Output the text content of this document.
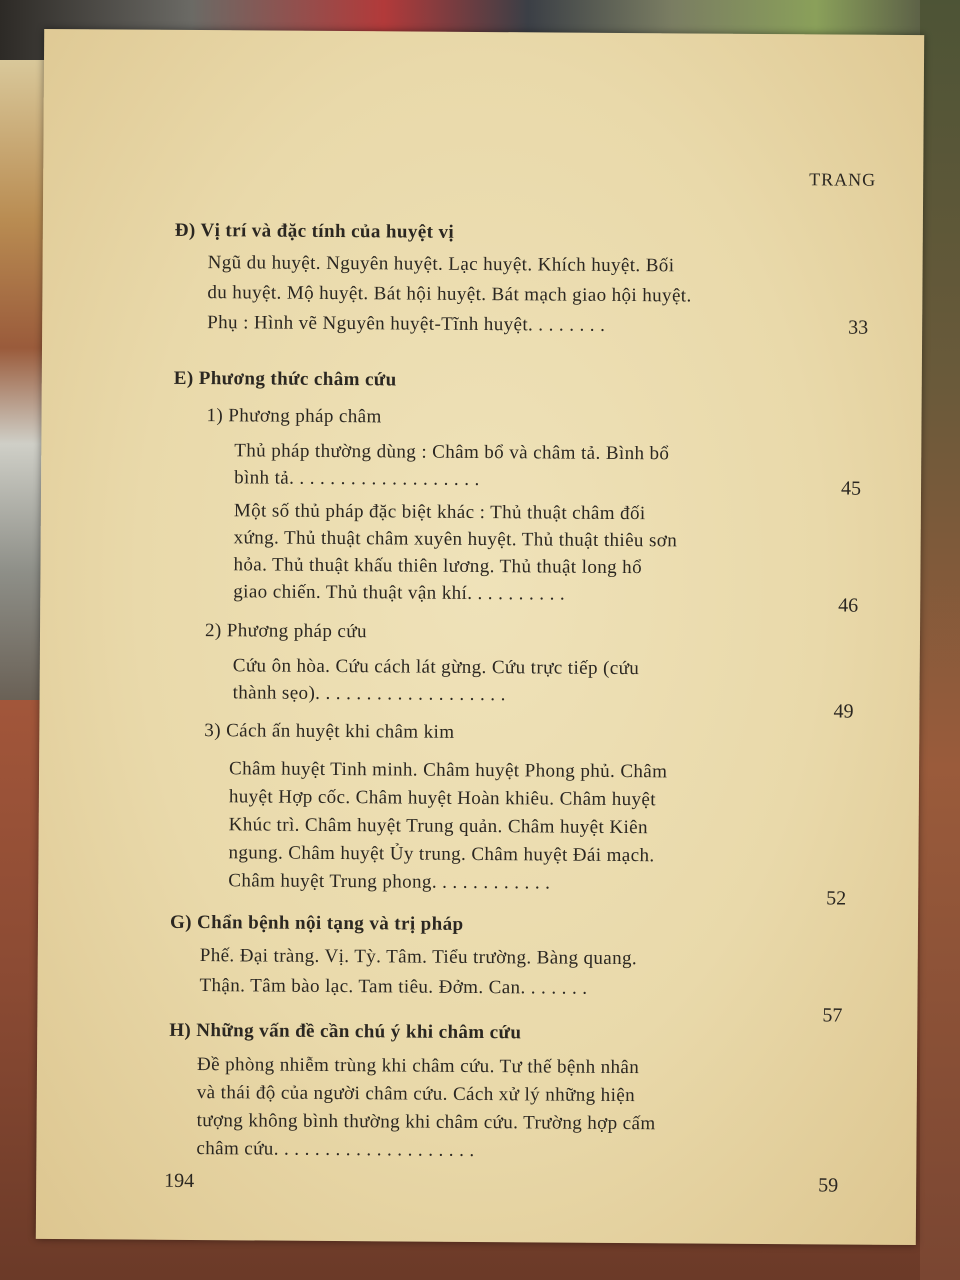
TRANG
Đ) Vị trí và đặc tính của huyệt vị
Ngũ du huyệt. Nguyên huyệt. Lạc huyệt. Khích huyệt. Bối
du huyệt. Mộ huyệt. Bát hội huyệt. Bát mạch giao hội huyệt.
Phụ : Hình vẽ Nguyên huyệt-Tĩnh huyệt. . . . . . . .	33
E) Phương thức châm cứu
1) Phương pháp châm
Thủ pháp thường dùng : Châm bổ và châm tả. Bình bổ
bình tả. . . . . . . . . . . . . . . . . . .	45
Một số thủ pháp đặc biệt khác : Thủ thuật châm đối
xứng. Thủ thuật châm xuyên huyệt. Thủ thuật thiêu sơn
hỏa. Thủ thuật khấu thiên lương. Thủ thuật long hổ
giao chiến. Thủ thuật vận khí. . . . . . . . . .
46
2) Phương pháp cứu
Cứu ôn hòa. Cứu cách lát gừng. Cứu trực tiếp (cứu
thành sẹo). . . . . . . . . . . . . . . . . . .
49
3) Cách ấn huyệt khi châm kim
Châm huyệt Tinh minh. Châm huyệt Phong phủ. Châm
huyệt Hợp cốc. Châm huyệt Hoàn khiêu. Châm huyệt
Khúc trì. Châm huyệt Trung quản. Châm huyệt Kiên
ngung. Châm huyệt Ủy trung. Châm huyệt Đái mạch.
Châm huyệt Trung phong. . . . . . . . . . . .
52
G) Chẩn bệnh nội tạng và trị pháp
Phế. Đại tràng. Vị. Tỳ. Tâm. Tiểu trường. Bàng quang.
Thận. Tâm bào lạc. Tam tiêu. Đởm. Can. . . . . . .
57
H) Những vấn đề cần chú ý khi châm cứu
Đề phòng nhiễm trùng khi châm cứu. Tư thế bệnh nhân
và thái độ của người châm cứu. Cách xử lý những hiện
tượng không bình thường khi châm cứu. Trường hợp cấm
châm cứu. . . . . . . . . . . . . . . . . . . .
59
194
